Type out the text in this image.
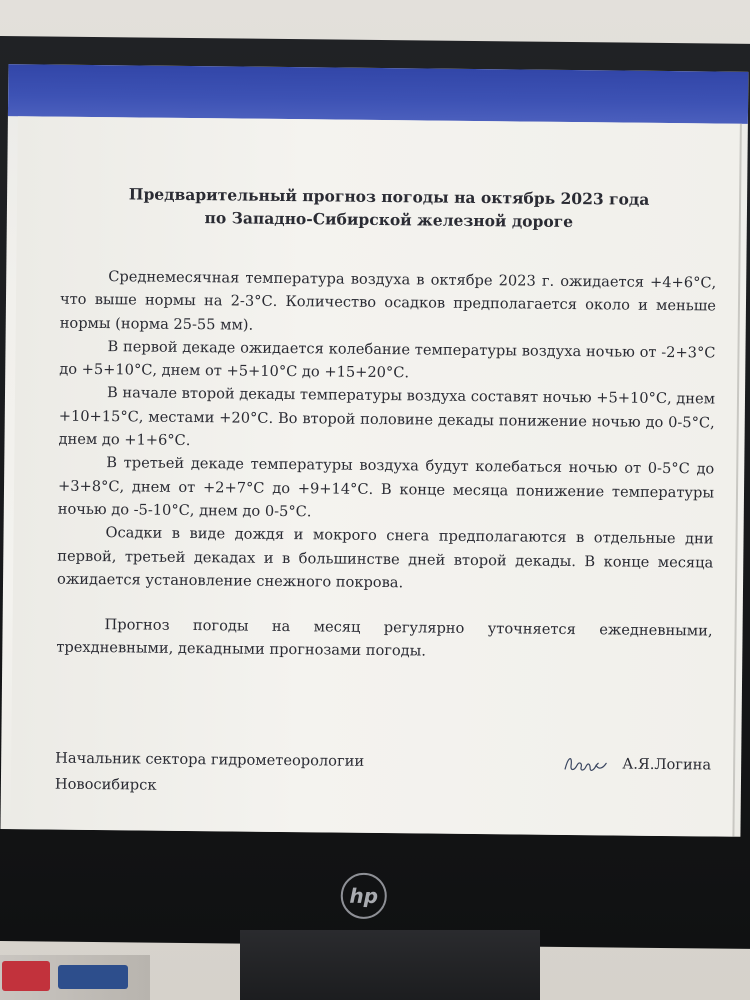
Предварительный прогноз погоды на октябрь 2023 года
по Западно-Сибирской железной дороге

Среднемесячная температура воздуха в октябре 2023 г. ожидается +4+6°С, что выше нормы на 2-3°С. Количество осадков предполагается около и меньше нормы (норма 25-55 мм).

В первой декаде ожидается колебание температуры воздуха ночью от -2+3°С до +5+10°С, днем от +5+10°С до +15+20°С.

В начале второй декады температуры воздуха составят ночью +5+10°С, днем +10+15°С, местами +20°С. Во второй половине декады понижение ночью до 0-5°С, днем до +1+6°С.

В третьей декаде температуры воздуха будут колебаться ночью от 0-5°С до +3+8°С, днем от +2+7°С до +9+14°С. В конце месяца понижение температуры ночью до -5-10°С, днем до 0-5°С.

Осадки в виде дождя и мокрого снега предполагаются в отдельные дни первой, третьей декадах и в большинстве дней второй декады. В конце месяца ожидается установление снежного покрова.

Прогноз погоды на месяц регулярно уточняется ежедневными, трехдневными, декадными прогнозами погоды.

Начальник сектора гидрометеорологии
Новосибирск
А.Я.Логина
hp
